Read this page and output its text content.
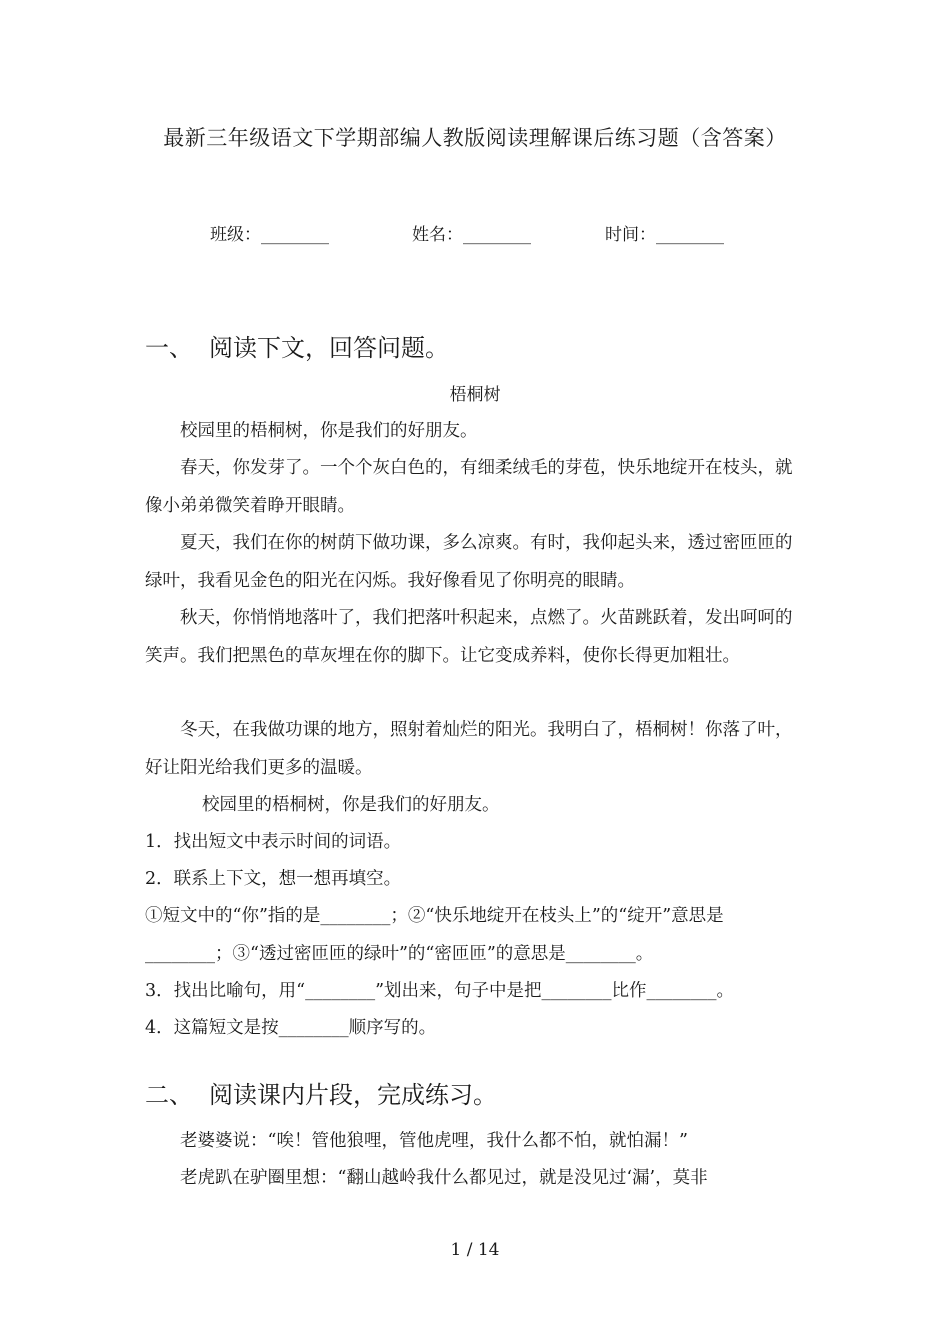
最新三年级语文下学期部编人教版阅读理解课后练习题（含答案）
班级：________	姓名：________	时间：________
一、 阅读下文，回答问题。
梧桐树
校园里的梧桐树，你是我们的好朋友。
春天，你发芽了。一个个灰白色的，有细柔绒毛的芽苞，快乐地绽开在枝头，就像小弟弟微笑着睁开眼睛。
夏天，我们在你的树荫下做功课，多么凉爽。有时，我仰起头来，透过密匝匝的绿叶，我看见金色的阳光在闪烁。我好像看见了你明亮的眼睛。
秋天，你悄悄地落叶了，我们把落叶积起来，点燃了。火苗跳跃着，发出呵呵的笑声。我们把黑色的草灰埋在你的脚下。让它变成养料，使你长得更加粗壮。
冬天，在我做功课的地方，照射着灿烂的阳光。我明白了，梧桐树！你落了叶，好让阳光给我们更多的温暖。
校园里的梧桐树，你是我们的好朋友。
1．找出短文中表示时间的词语。
2．联系上下文，想一想再填空。
①短文中的“你”指的是________；②“快乐地绽开在枝头上”的“绽开”意思是________；③“透过密匝匝的绿叶”的“密匝匝”的意思是________。
3．找出比喻句，用“________”划出来，句子中是把________比作________。
4．这篇短文是按________顺序写的。
二、 阅读课内片段，完成练习。
老婆婆说：“唉！管他狼哩，管他虎哩，我什么都不怕，就怕漏！”
老虎趴在驴圈里想：“翻山越岭我什么都见过，就是没见过‘漏’，莫非
1 / 14
